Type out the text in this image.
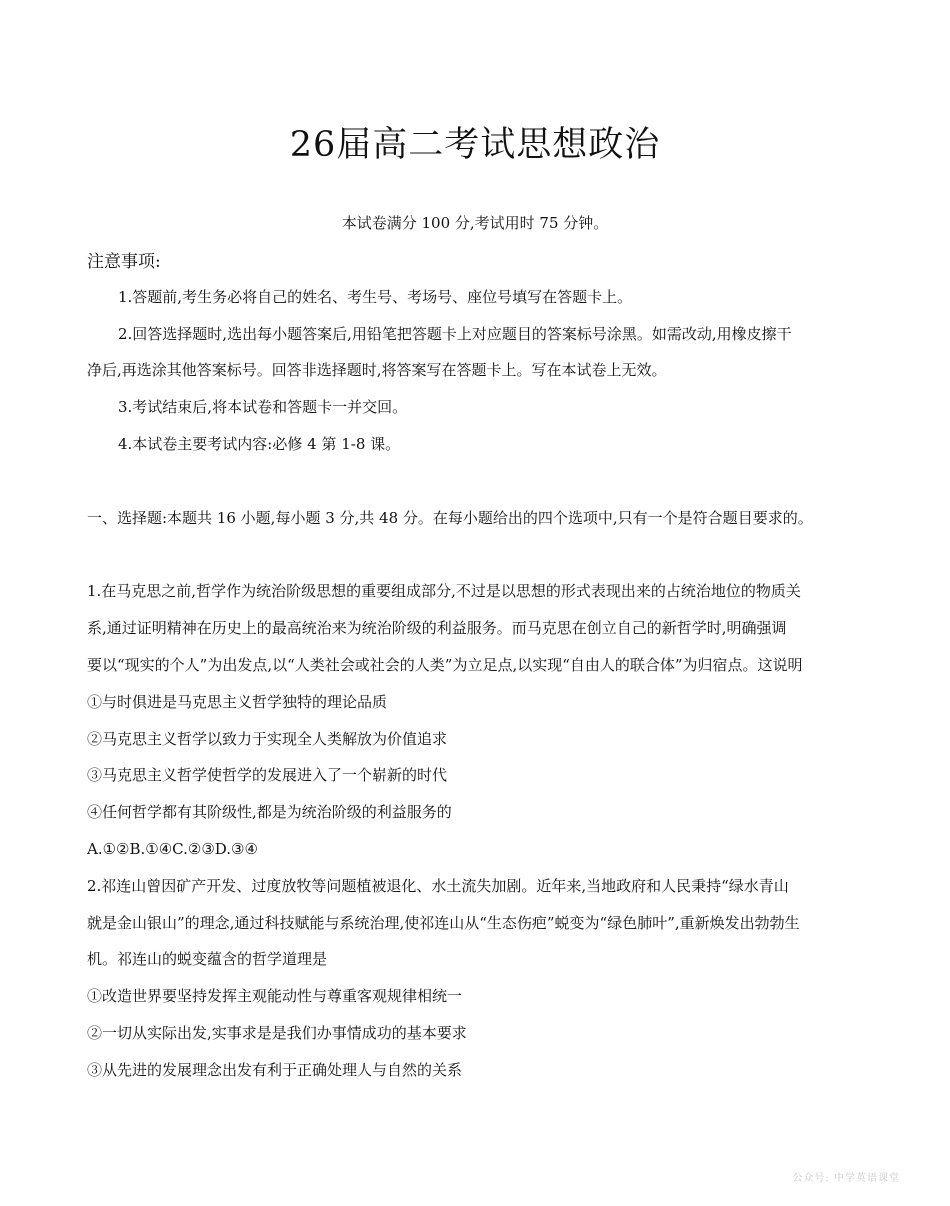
26届高二考试思想政治
本试卷满分 100 分,考试用时 75 分钟。
注意事项:
1.答题前,考生务必将自己的姓名、考生号、考场号、座位号填写在答题卡上。
2.回答选择题时,选出每小题答案后,用铅笔把答题卡上对应题目的答案标号涂黑。如需改动,用橡皮擦干
净后,再选涂其他答案标号。回答非选择题时,将答案写在答题卡上。写在本试卷上无效。
3.考试结束后,将本试卷和答题卡一并交回。
4.本试卷主要考试内容:必修 4 第 1-8 课。
一、选择题:本题共 16 小题,每小题 3 分,共 48 分。在每小题给出的四个选项中,只有一个是符合题目要求的。
1.在马克思之前,哲学作为统治阶级思想的重要组成部分,不过是以思想的形式表现出来的占统治地位的物质关
系,通过证明精神在历史上的最高统治来为统治阶级的利益服务。而马克思在创立自己的新哲学时,明确强调
要以“现实的个人”为出发点,以“人类社会或社会的人类”为立足点,以实现“自由人的联合体”为归宿点。这说明
①与时俱进是马克思主义哲学独特的理论品质
②马克思主义哲学以致力于实现全人类解放为价值追求
③马克思主义哲学使哲学的发展进入了一个崭新的时代
④任何哲学都有其阶级性,都是为统治阶级的利益服务的
A.①②B.①④C.②③D.③④
2.祁连山曾因矿产开发、过度放牧等问题植被退化、水土流失加剧。近年来,当地政府和人民秉持“绿水青山
就是金山银山”的理念,通过科技赋能与系统治理,使祁连山从“生态伤疤”蜕变为“绿色肺叶”,重新焕发出勃勃生
机。祁连山的蜕变蕴含的哲学道理是
①改造世界要坚持发挥主观能动性与尊重客观规律相统一
②一切从实际出发,实事求是是我们办事情成功的基本要求
③从先进的发展理念出发有利于正确处理人与自然的关系
公众号: 中学英语课堂
